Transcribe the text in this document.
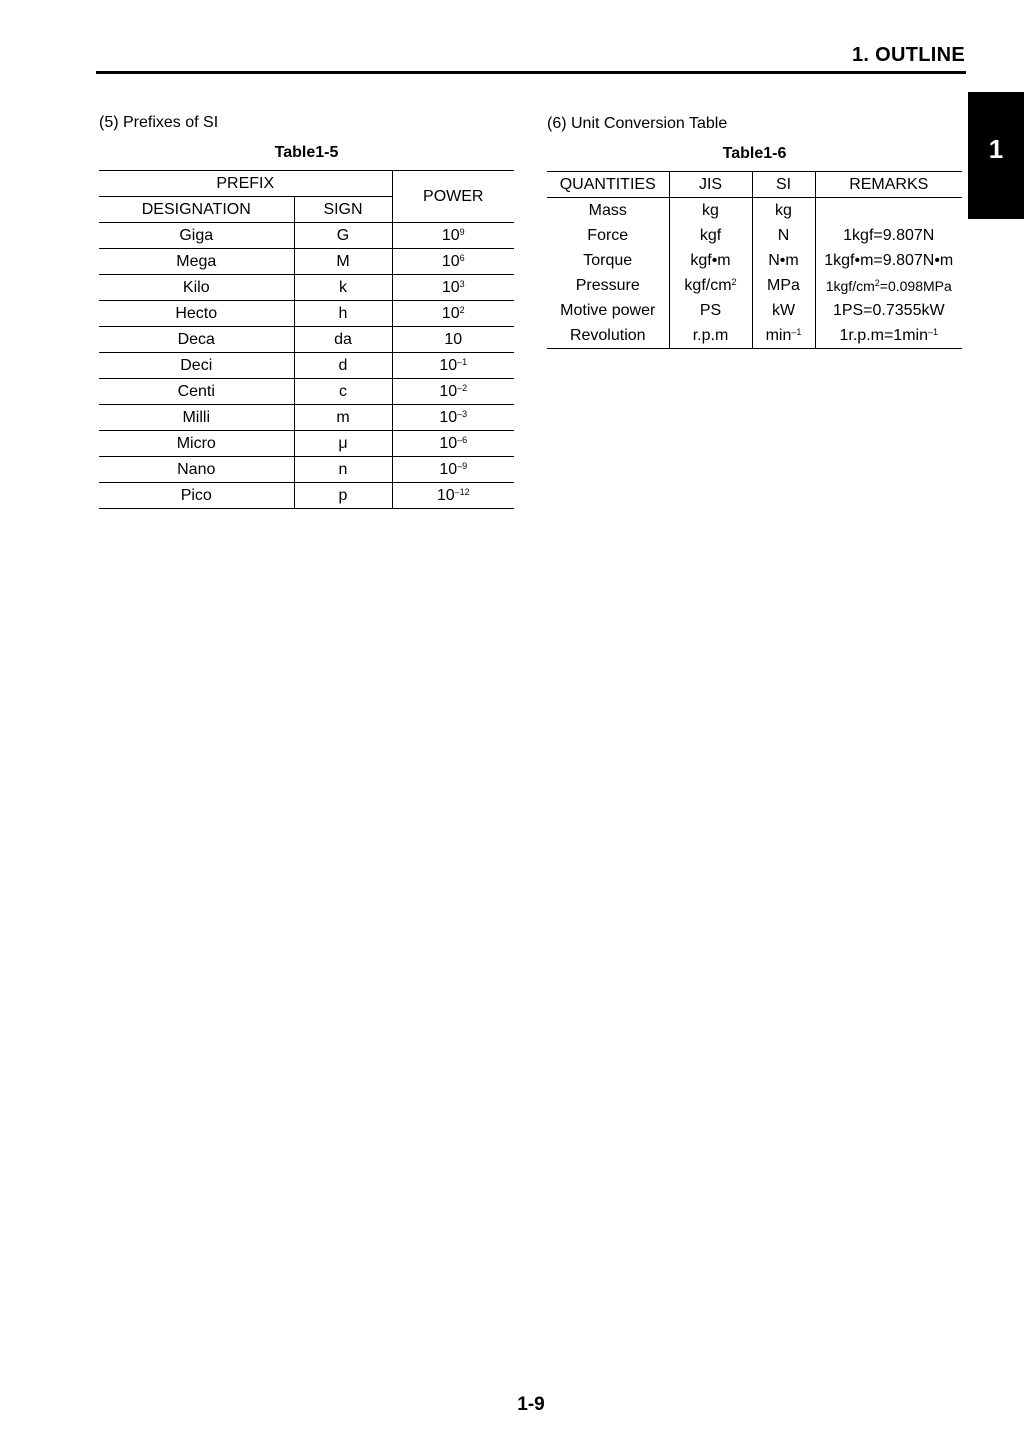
1. OUTLINE
1
(5) Prefixes of SI
Table1-5
PREFIX		POWER
DESIGNATION	SIGN	
Giga	G	$10^9$
Mega	M	$10^6$
Kilo	k	$10^3$
Hecto	h	$10^2$
Deca	da	10
Deci	d	$10^{-1}$
Centi	c	$10^{-2}$
Milli	m	$10^{-3}$
Micro	μ	$10^{-6}$
Nano	n	$10^{-9}$
Pico	p	$10^{-12}$
(6) Unit Conversion Table
Table1-6
QUANTITIES	JIS	SI	REMARKS
Mass	kg	kg	
Force	kgf	N	1kgf=9.807N
Torque	kgf•m	N•m	1kgf•m=9.807N•m
Pressure	kgf/$cm^2$	MPa	$1kgf/cm^2=0.098MPa$
Motive power	PS	kW	1PS=0.7355kW
Revolution	r.p.m	$\min^{-1}$	$1r.p.m=1\min^{-1}$
1-9
